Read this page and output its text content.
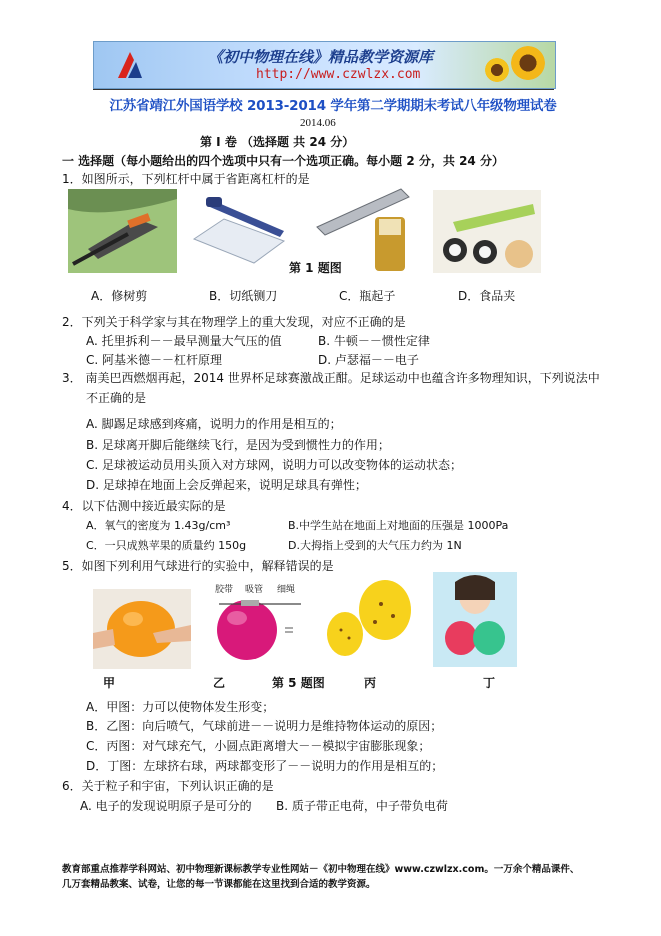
《初中物理在线》精品教学资源库
http://www.czwlzx.com
江苏省靖江外国语学校 2013-2014 学年第二学期期末考试八年级物理试卷
2014.06
第 I 卷 （选择题 共 24 分）
一 选择题（每小题给出的四个选项中只有一个选项正确。每小题 2 分，共 24 分）
1．如图所示，下列杠杆中属于省距离杠杆的是
第 1 题图
A．修树剪	B．切纸铡刀	C．瓶起子	D．食品夹
2．下列关于科学家与其在物理学上的重大发现，对应不正确的是
A. 托里拆利－－最早测量大气压的值	B. 牛顿－－惯性定律
C. 阿基米德－－杠杆原理	D. 卢瑟福－－电子
3． 南美巴西燃烟再起，2014 世界杯足球赛激战正酣。足球运动中也蕴含许多物理知识，下列说法中
不正确的是
A. 脚踢足球感到疼痛，说明力的作用是相互的；
B. 足球离开脚后能继续飞行，是因为受到惯性力的作用；
C. 足球被运动员用头顶入对方球网，说明力可以改变物体的运动状态；
D. 足球掉在地面上会反弹起来，说明足球具有弹性；
4．以下估测中接近最实际的是
A．氧气的密度为 1.43g/cm³	B.中学生站在地面上对地面的压强是 1000Pa
C．一只成熟苹果的质量约 150g	D.大拇指上受到的大气压力约为 1N
5．如图下列利用气球进行的实验中，解释错误的是
胶带 吸管 细绳
甲	乙	第 5 题图	丙	丁
A．甲图：力可以使物体发生形变；
B．乙图：向后喷气，气球前进－－说明力是维持物体运动的原因；
C．丙图：对气球充气，小圆点距离增大－－模拟宇宙膨胀现象；
D．丁图：左球挤右球，两球都变形了－－说明力的作用是相互的；
6．关于粒子和宇宙，下列认识正确的是
A. 电子的发现说明原子是可分的 B. 质子带正电荷，中子带负电荷
教育部重点推荐学科网站、初中物理新课标教学专业性网站－《初中物理在线》www.czwlzx.com。一万余个精品课件、
几万套精品教案、试卷，让您的每一节课都能在这里找到合适的教学资源。
